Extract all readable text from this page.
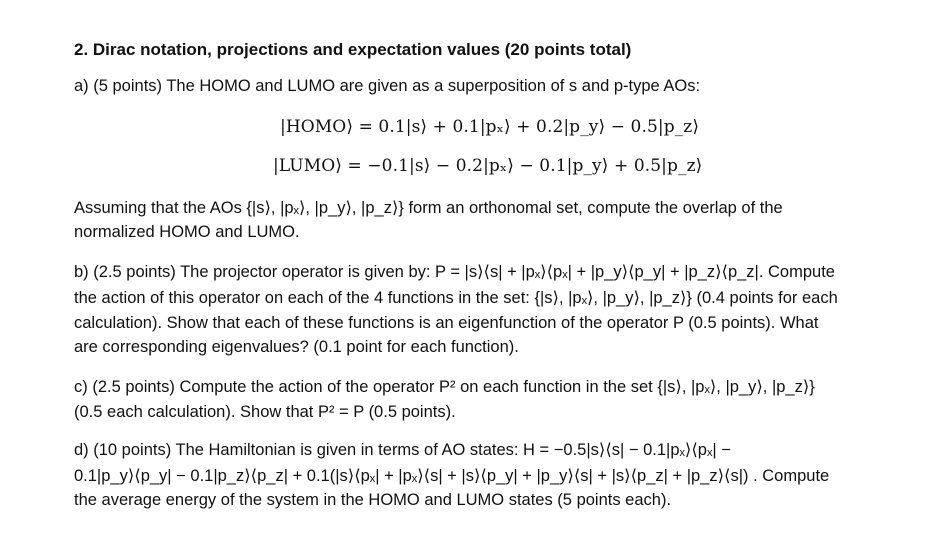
2. Dirac notation, projections and expectation values (20 points total)
a) (5 points) The HOMO and LUMO are given as a superposition of s and p-type AOs:
|HOMO⟩ = 0.1|s⟩ + 0.1|pₓ⟩ + 0.2|p_y⟩ − 0.5|p_z⟩
|LUMO⟩ = −0.1|s⟩ − 0.2|pₓ⟩ − 0.1|p_y⟩ + 0.5|p_z⟩
Assuming that the AOs {|s⟩, |pₓ⟩, |p_y⟩, |p_z⟩} form an orthonomal set, compute the overlap of the
normalized HOMO and LUMO.
b) (2.5 points) The projector operator is given by: P = |s⟩⟨s| + |pₓ⟩⟨pₓ| + |p_y⟩⟨p_y| + |p_z⟩⟨p_z|. Compute
the action of this operator on each of the 4 functions in the set: {|s⟩, |pₓ⟩, |p_y⟩, |p_z⟩} (0.4 points for each
calculation). Show that each of these functions is an eigenfunction of the operator P (0.5 points). What
are corresponding eigenvalues? (0.1 point for each function).
c) (2.5 points) Compute the action of the operator P² on each function in the set {|s⟩, |pₓ⟩, |p_y⟩, |p_z⟩}
(0.5 each calculation). Show that P² = P (0.5 points).
d) (10 points) The Hamiltonian is given in terms of AO states: H = −0.5|s⟩⟨s| − 0.1|pₓ⟩⟨pₓ| −
0.1|p_y⟩⟨p_y| − 0.1|p_z⟩⟨p_z| + 0.1(|s⟩⟨pₓ| + |pₓ⟩⟨s| + |s⟩⟨p_y| + |p_y⟩⟨s| + |s⟩⟨p_z| + |p_z⟩⟨s|) . Compute
the average energy of the system in the HOMO and LUMO states (5 points each).
